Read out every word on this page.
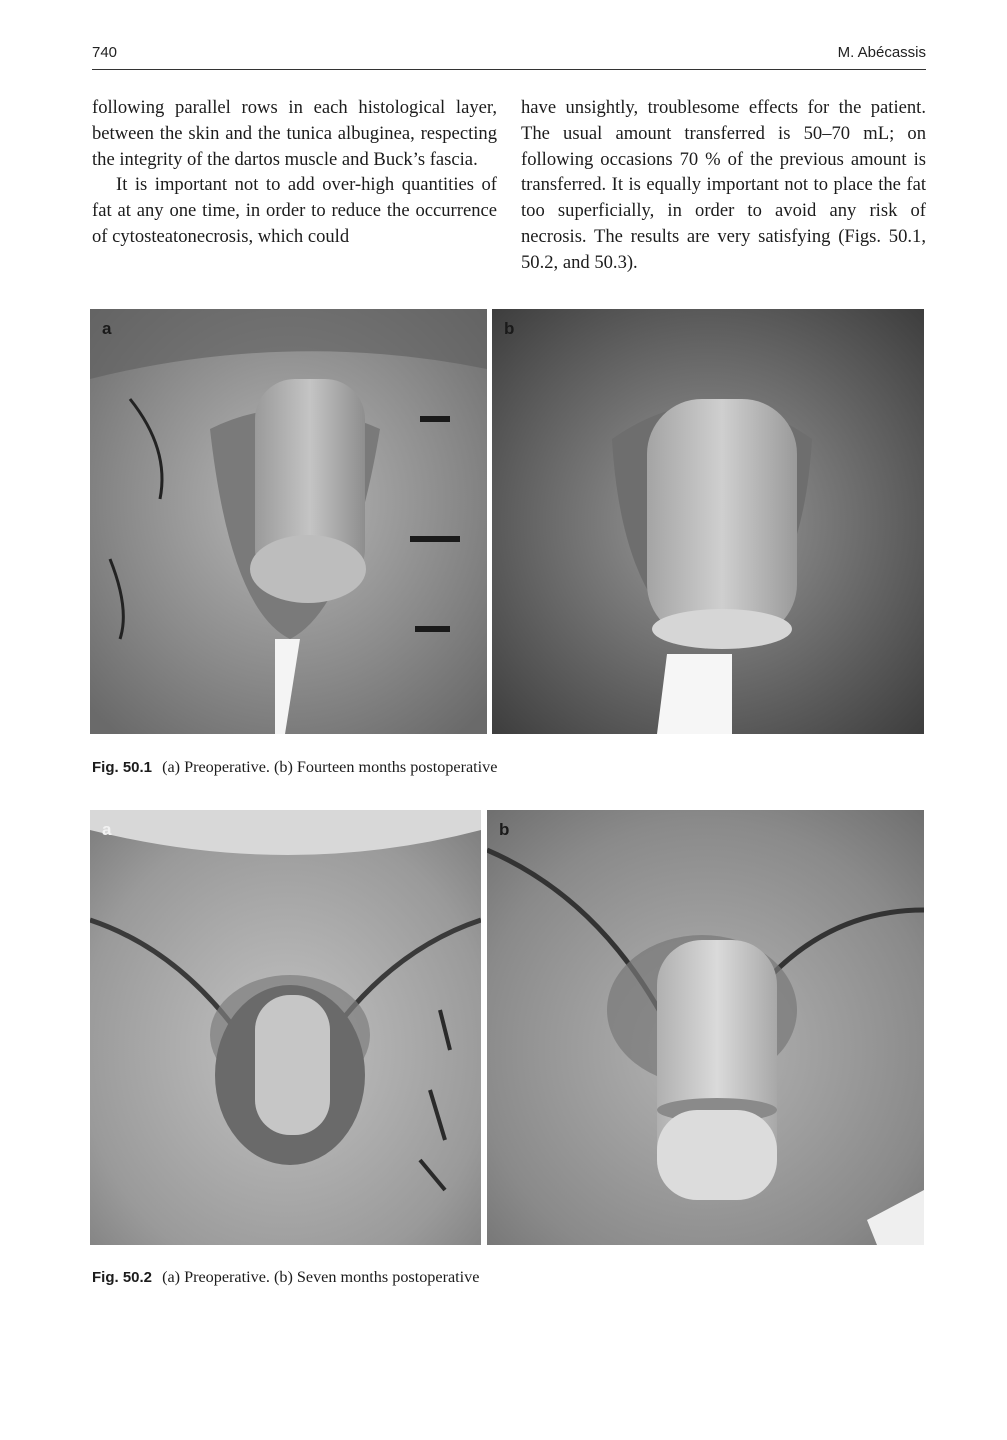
740	M. Abécassis

following parallel rows in each histological layer, between the skin and the tunica albuginea, respecting the integrity of the dartos muscle and Buck’s fascia.

It is important not to add over-high quantities of fat at any one time, in order to reduce the occurrence of cytosteatonecrosis, which could

have unsightly, troublesome effects for the patient. The usual amount transferred is 50–70 mL; on following occasions 70 % of the previous amount is transferred. It is equally important not to place the fat too superficially, in order to avoid any risk of necrosis. The results are very satisfying (Figs. 50.1, 50.2, and 50.3).

a	b
Fig. 50.1 (a) Preoperative. (b) Fourteen months postoperative
a	b
Fig. 50.2 (a) Preoperative. (b) Seven months postoperative
